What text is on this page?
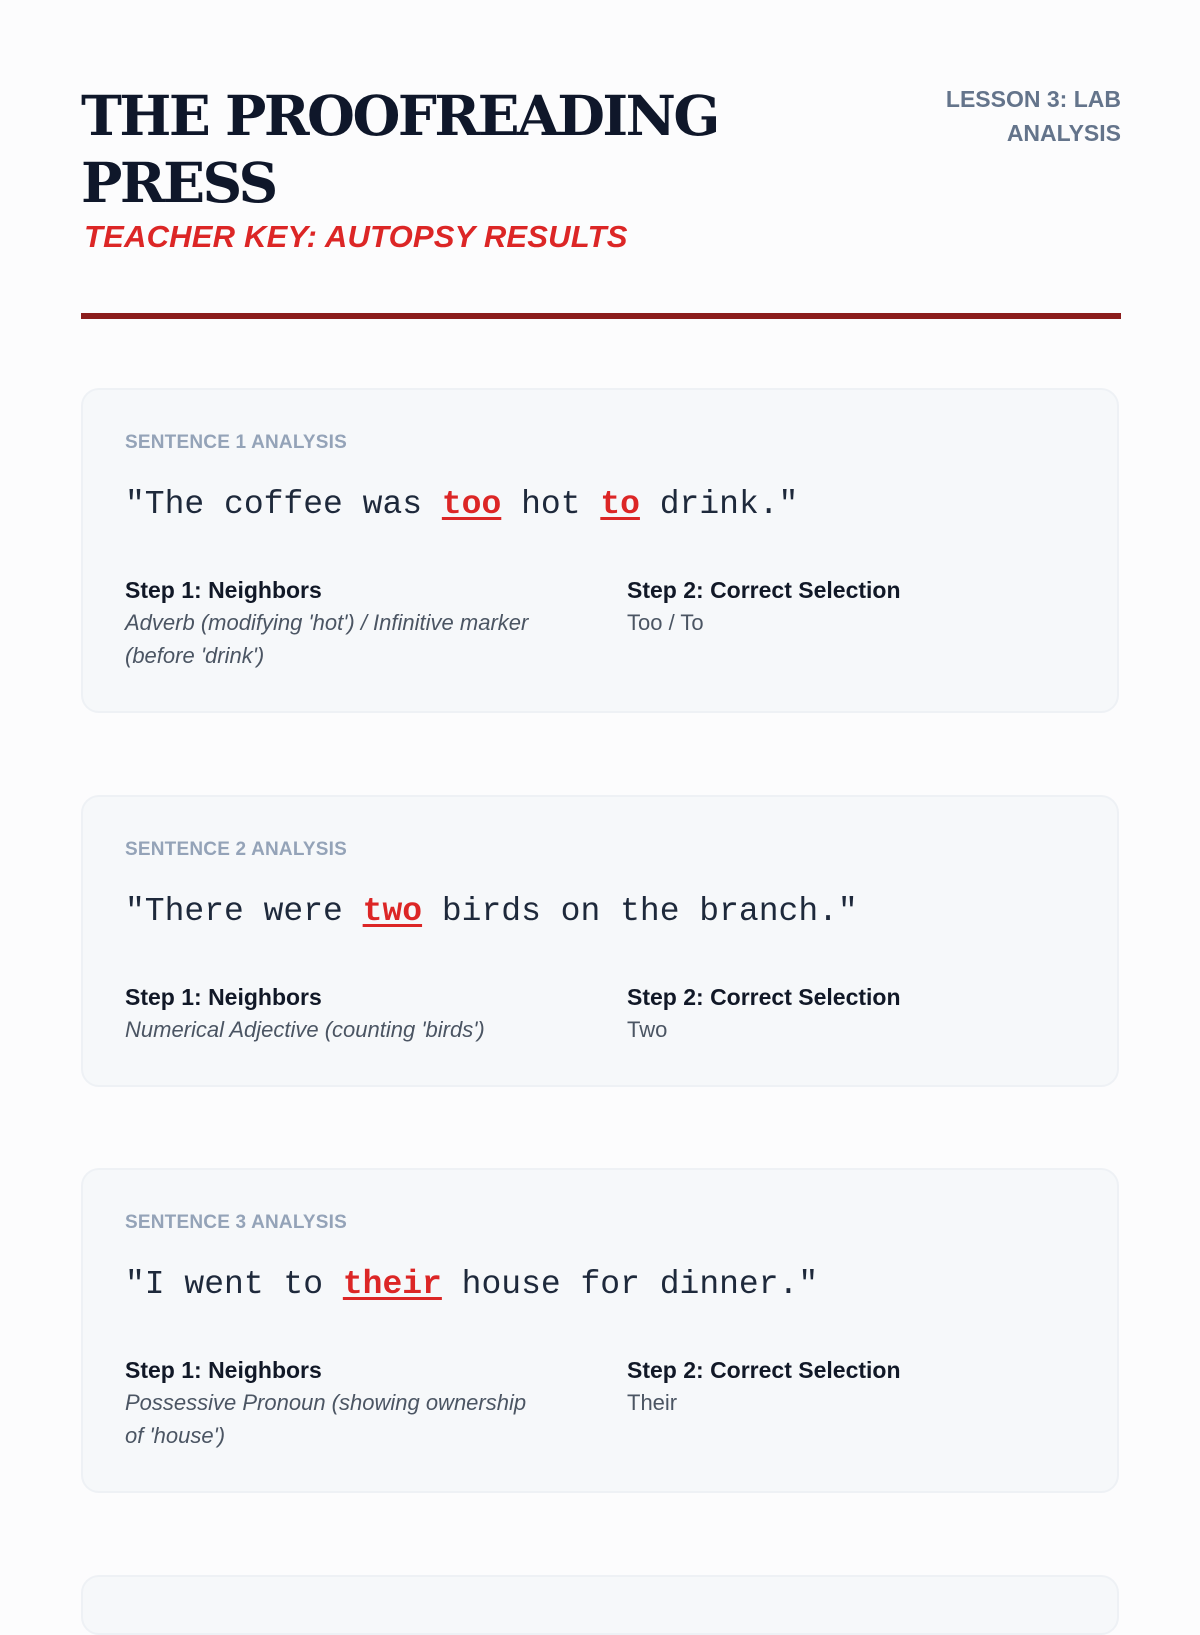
THE PROOFREADING PRESS
TEACHER KEY: AUTOPSY RESULTS
LESSON 3: LAB ANALYSIS

SENTENCE 1 ANALYSIS

"The coffee was too hot to drink."

Step 1: Neighbors

Adverb (modifying 'hot') / Infinitive marker (before 'drink')

Step 2: Correct Selection

Too / To

SENTENCE 2 ANALYSIS

"There were two birds on the branch."

Step 1: Neighbors

Numerical Adjective (counting 'birds')

Step 2: Correct Selection

Two

SENTENCE 3 ANALYSIS

"I went to their house for dinner."

Step 1: Neighbors

Possessive Pronoun (showing ownership of 'house')

Step 2: Correct Selection

Their
